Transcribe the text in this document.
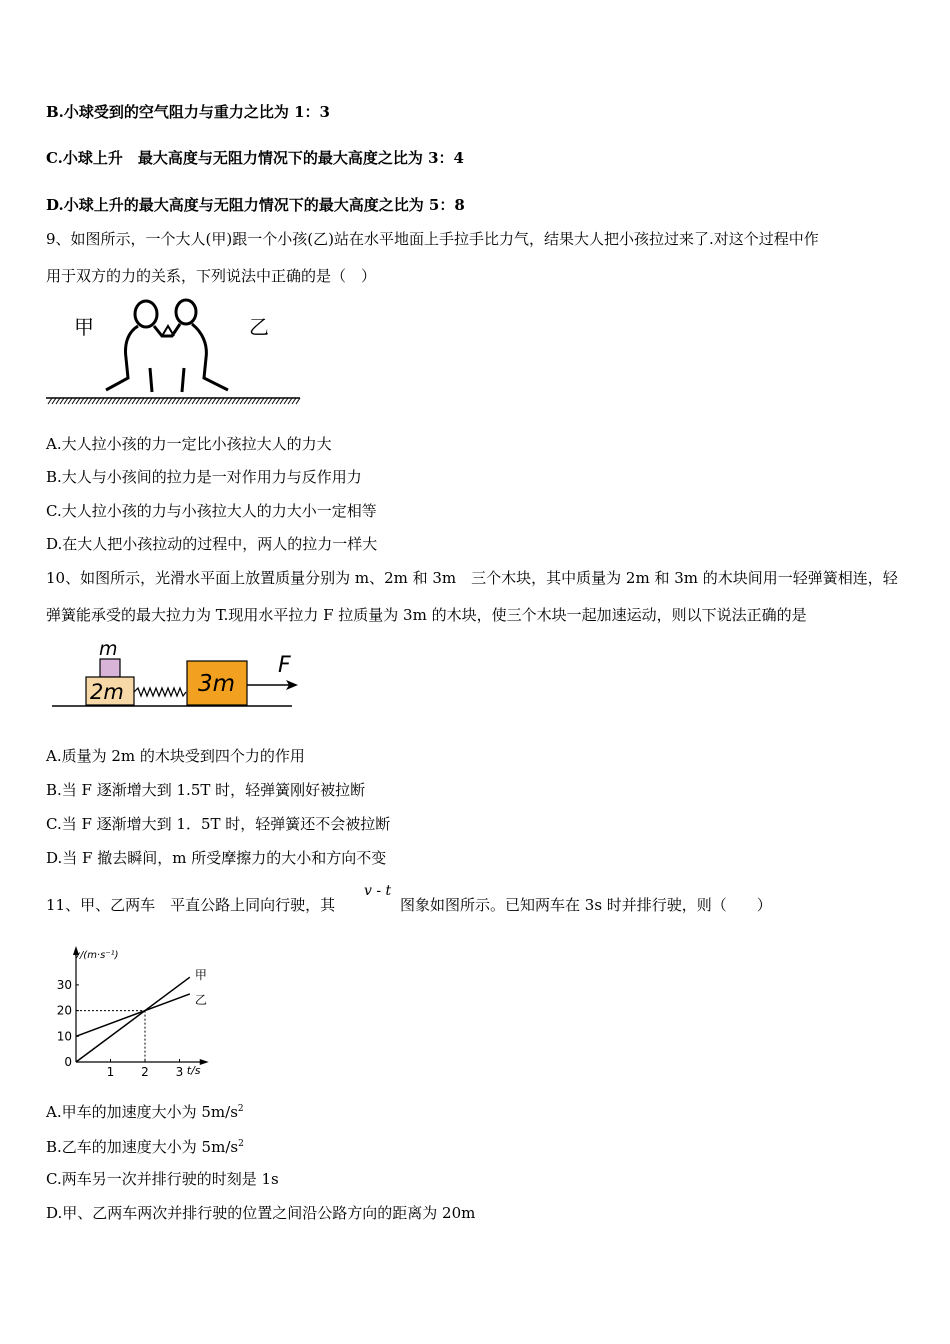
B.小球受到的空气阻力与重力之比为 1：3
C.小球上升　最大高度与无阻力情况下的最大高度之比为 3：4
D.小球上升的最大高度与无阻力情况下的最大高度之比为 5：8
9、如图所示，一个大人(甲)跟一个小孩(乙)站在水平地面上手拉手比力气，结果大人把小孩拉过来了.对这个过程中作
用于双方的力的关系，下列说法中正确的是（　）
甲	乙
A.大人拉小孩的力一定比小孩拉大人的力大
B.大人与小孩间的拉力是一对作用力与反作用力
C.大人拉小孩的力与小孩拉大人的力大小一定相等
D.在大人把小孩拉动的过程中，两人的拉力一样大
10、如图所示，光滑水平面上放置质量分别为 m、2m 和 3m　三个木块，其中质量为 2m 和 3m 的木块间用一轻弹簧相连，轻
弹簧能承受的最大拉力为 T.现用水平拉力 F 拉质量为 3m 的木块，使三个木块一起加速运动，则以下说法正确的是
m
2m	3m
F
A.质量为 2m 的木块受到四个力的作用
B.当 F 逐渐增大到 1.5T 时，轻弹簧刚好被拉断
C.当 F 逐渐增大到 1．5T 时，轻弹簧还不会被拉断
D.当 F 撤去瞬间，m 所受摩擦力的大小和方向不变
11、甲、乙两车　平直公路上同向行驶，其
v - t
图象如图所示。已知两车在 3s 时并排行驶，则（　　）
v/(m·s⁻¹)
t/s
0
10
20
30
1 2 3
甲
乙
A.甲车的加速度大小为 $5m/s^2$
B.乙车的加速度大小为 $5m/s^2$
C.两车另一次并排行驶的时刻是 1s
D.甲、乙两车两次并排行驶的位置之间沿公路方向的距离为 20m
